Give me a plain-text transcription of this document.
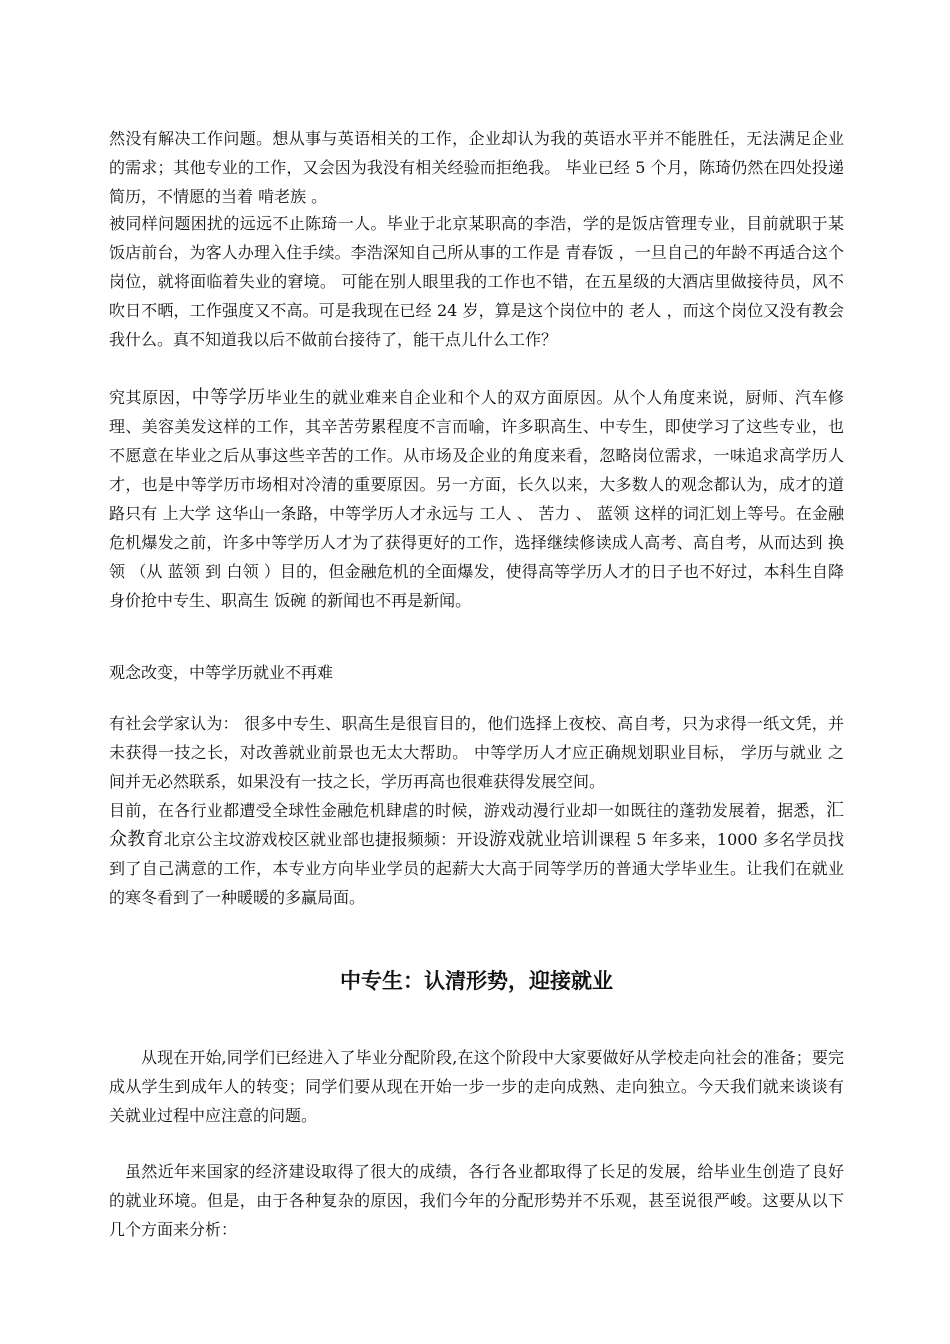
然没有解决工作问题。想从事与英语相关的工作，企业却认为我的英语水平并不能胜任，无法满足企业的需求；其他专业的工作，又会因为我没有相关经验而拒绝我。 毕业已经 5 个月，陈琦仍然在四处投递简历，不情愿的当着 啃老族 。

被同样问题困扰的远远不止陈琦一人。毕业于北京某职高的李浩，学的是饭店管理专业，目前就职于某饭店前台，为客人办理入住手续。李浩深知自己所从事的工作是 青春饭 ，一旦自己的年龄不再适合这个岗位，就将面临着失业的窘境。 可能在别人眼里我的工作也不错，在五星级的大酒店里做接待员，风不吹日不晒，工作强度又不高。可是我现在已经 24 岁，算是这个岗位中的 老人 ，而这个岗位又没有教会我什么。真不知道我以后不做前台接待了，能干点儿什么工作？

究其原因，中等学历毕业生的就业难来自企业和个人的双方面原因。从个人角度来说，厨师、汽车修理、美容美发这样的工作，其辛苦劳累程度不言而喻，许多职高生、中专生，即使学习了这些专业，也不愿意在毕业之后从事这些辛苦的工作。从市场及企业的角度来看，忽略岗位需求，一味追求高学历人才，也是中等学历市场相对冷清的重要原因。另一方面，长久以来，大多数人的观念都认为，成才的道路只有 上大学 这华山一条路，中等学历人才永远与 工人 、 苦力 、 蓝领 这样的词汇划上等号。在金融危机爆发之前，许多中等学历人才为了获得更好的工作，选择继续修读成人高考、高自考，从而达到 换领 （从 蓝领 到 白领 ）目的，但金融危机的全面爆发，使得高等学历人才的日子也不好过，本科生自降身价抢中专生、职高生 饭碗 的新闻也不再是新闻。

观念改变，中等学历就业不再难

有社会学家认为： 很多中专生、职高生是很盲目的，他们选择上夜校、高自考，只为求得一纸文凭，并未获得一技之长，对改善就业前景也无太大帮助。 中等学历人才应正确规划职业目标， 学历与就业 之间并无必然联系，如果没有一技之长，学历再高也很难获得发展空间。

目前，在各行业都遭受全球性金融危机肆虐的时候，游戏动漫行业却一如既往的蓬勃发展着，据悉，汇众教育北京公主坟游戏校区就业部也捷报频频：开设游戏就业培训课程 5 年多来，1000 多名学员找到了自己满意的工作，本专业方向毕业学员的起薪大大高于同等学历的普通大学毕业生。让我们在就业的寒冬看到了一种暖暖的多赢局面。

中专生：认清形势，迎接就业

从现在开始,同学们已经进入了毕业分配阶段,在这个阶段中大家要做好从学校走向社会的准备；要完成从学生到成年人的转变；同学们要从现在开始一步一步的走向成熟、走向独立。今天我们就来谈谈有关就业过程中应注意的问题。

虽然近年来国家的经济建设取得了很大的成绩，各行各业都取得了长足的发展，给毕业生创造了良好的就业环境。但是，由于各种复杂的原因，我们今年的分配形势并不乐观，甚至说很严峻。这要从以下几个方面来分析：
